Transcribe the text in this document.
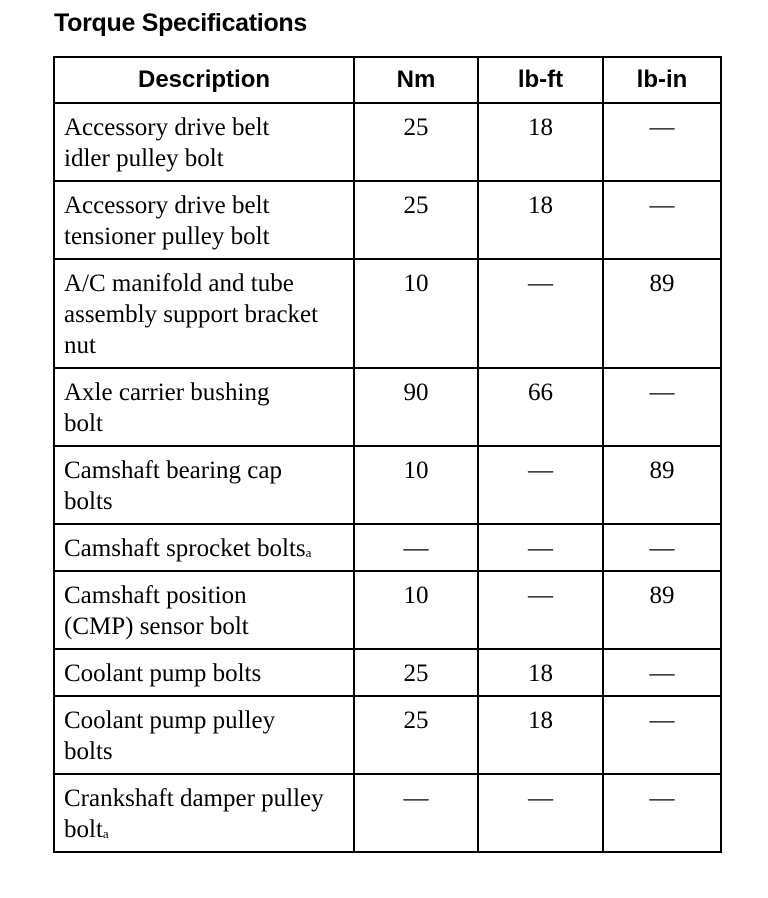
Torque Specifications
Description	Nm	lb-ft	lb-in
Accessory drive belt idler pulley bolt	25	18	—
Accessory drive belt tensioner pulley bolt	25	18	—
A/C manifold and tube assembly support bracket nut	10	—	89
Axle carrier bushing bolt	90	66	—
Camshaft bearing cap bolts	10	—	89
Camshaft sprocket bolts$^a$	—	—	—
Camshaft position (CMP) sensor bolt	10	—	89
Coolant pump bolts	25	18	—
Coolant pump pulley bolts	25	18	—
Crankshaft damper pulley bolt$^a$	—	—	—
